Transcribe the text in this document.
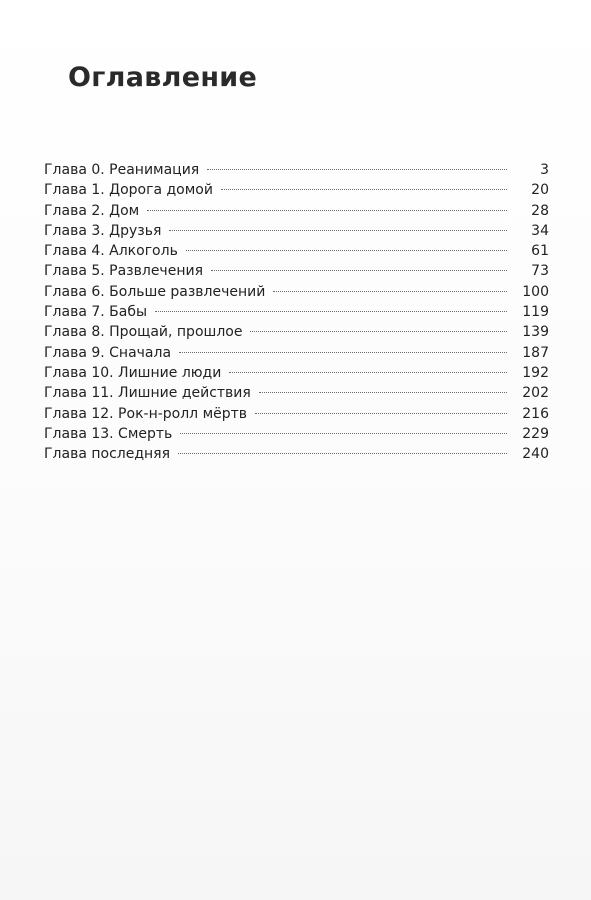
Оглавление
Глава 0. Реанимация	3
Глава 1. Дорога домой	20
Глава 2. Дом	28
Глава 3. Друзья	34
Глава 4. Алкоголь	61
Глава 5. Развлечения	73
Глава 6. Больше развлечений	100
Глава 7. Бабы	119
Глава 8. Прощай, прошлое	139
Глава 9. Сначала	187
Глава 10. Лишние люди	192
Глава 11. Лишние действия	202
Глава 12. Рок-н-ролл мёртв	216
Глава 13. Смерть	229
Глава последняя	240
